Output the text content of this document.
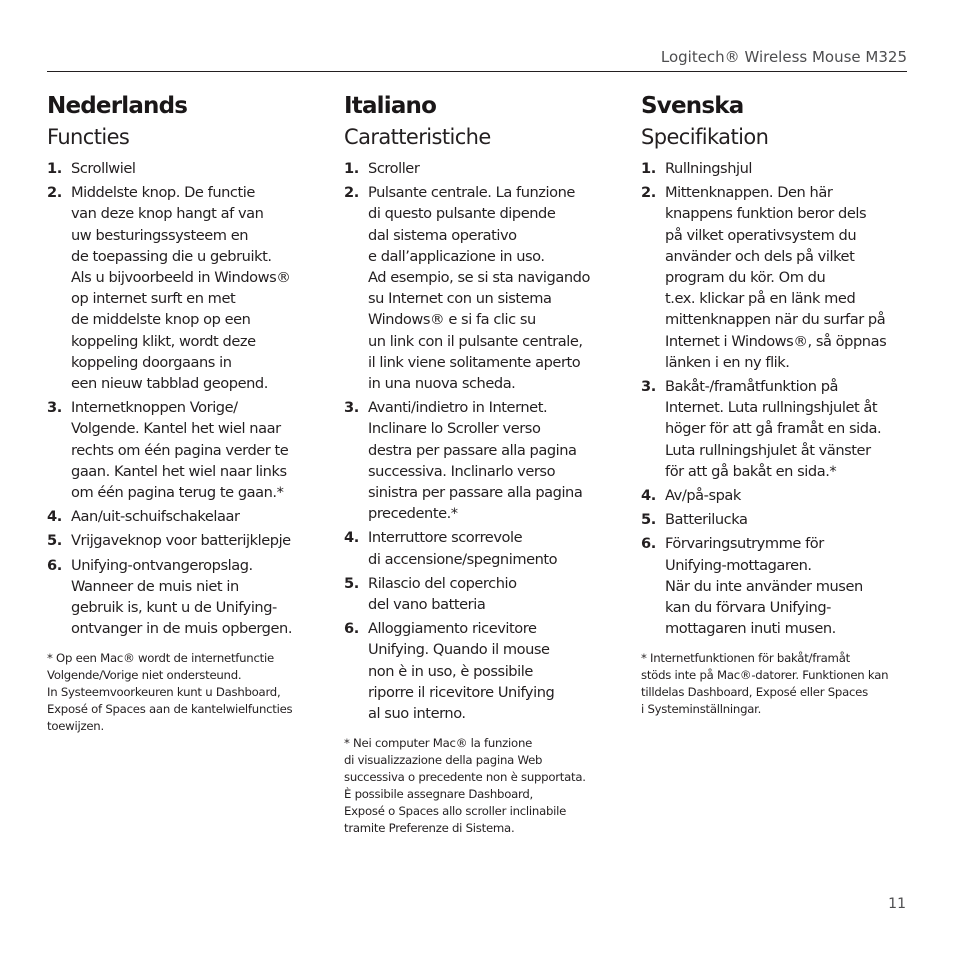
Logitech® Wireless Mouse M325
Nederlands
Functies
1. Scrollwiel
2. Middelste knop. De functie
van deze knop hangt af van
uw besturingssysteem en
de toepassing die u gebruikt.
Als u bijvoorbeeld in Windows®
op internet surft en met
de middelste knop op een
koppeling klikt, wordt deze
koppeling doorgaans in
een nieuw tabblad geopend.
3. Internetknoppen Vorige/
Volgende. Kantel het wiel naar
rechts om één pagina verder te
gaan. Kantel het wiel naar links
om één pagina terug te gaan.*
4. Aan/uit-schuifschakelaar
5. Vrijgaveknop voor batterijklepje
6. Unifying-ontvangeropslag.
Wanneer de muis niet in
gebruik is, kunt u de Unifying-
ontvanger in de muis opbergen.
* Op een Mac® wordt de internetfunctie
Volgende/Vorige niet ondersteund.
In Systeemvoorkeuren kunt u Dashboard,
Exposé of Spaces aan de kantelwielfuncties
toewijzen.
Italiano
Caratteristiche
1. Scroller
2. Pulsante centrale. La funzione
di questo pulsante dipende
dal sistema operativo
e dall’applicazione in uso.
Ad esempio, se si sta navigando
su Internet con un sistema
Windows® e si fa clic su
un link con il pulsante centrale,
il link viene solitamente aperto
in una nuova scheda.
3. Avanti/indietro in Internet.
Inclinare lo Scroller verso
destra per passare alla pagina
successiva. Inclinarlo verso
sinistra per passare alla pagina
precedente.*
4. Interruttore scorrevole
di accensione/spegnimento
5. Rilascio del coperchio
del vano batteria
6. Alloggiamento ricevitore
Unifying. Quando il mouse
non è in uso, è possibile
riporre il ricevitore Unifying
al suo interno.
* Nei computer Mac® la funzione
di visualizzazione della pagina Web
successiva o precedente non è supportata.
È possibile assegnare Dashboard,
Exposé o Spaces allo scroller inclinabile
tramite Preferenze di Sistema.
Svenska
Specifikation
1. Rullningshjul
2. Mittenknappen. Den här
knappens funktion beror dels
på vilket operativsystem du
använder och dels på vilket
program du kör. Om du
t.ex. klickar på en länk med
mittenknappen när du surfar på
Internet i Windows®, så öppnas
länken i en ny flik.
3. Bakåt-/framåtfunktion på
Internet. Luta rullningshjulet åt
höger för att gå framåt en sida.
Luta rullningshjulet åt vänster
för att gå bakåt en sida.*
4. Av/på-spak
5. Batterilucka
6. Förvaringsutrymme för
Unifying-mottagaren.
När du inte använder musen
kan du förvara Unifying-
mottagaren inuti musen.
* Internetfunktionen för bakåt/framåt
stöds inte på Mac®-datorer. Funktionen kan
tilldelas Dashboard, Exposé eller Spaces
i Systeminställningar.
11
